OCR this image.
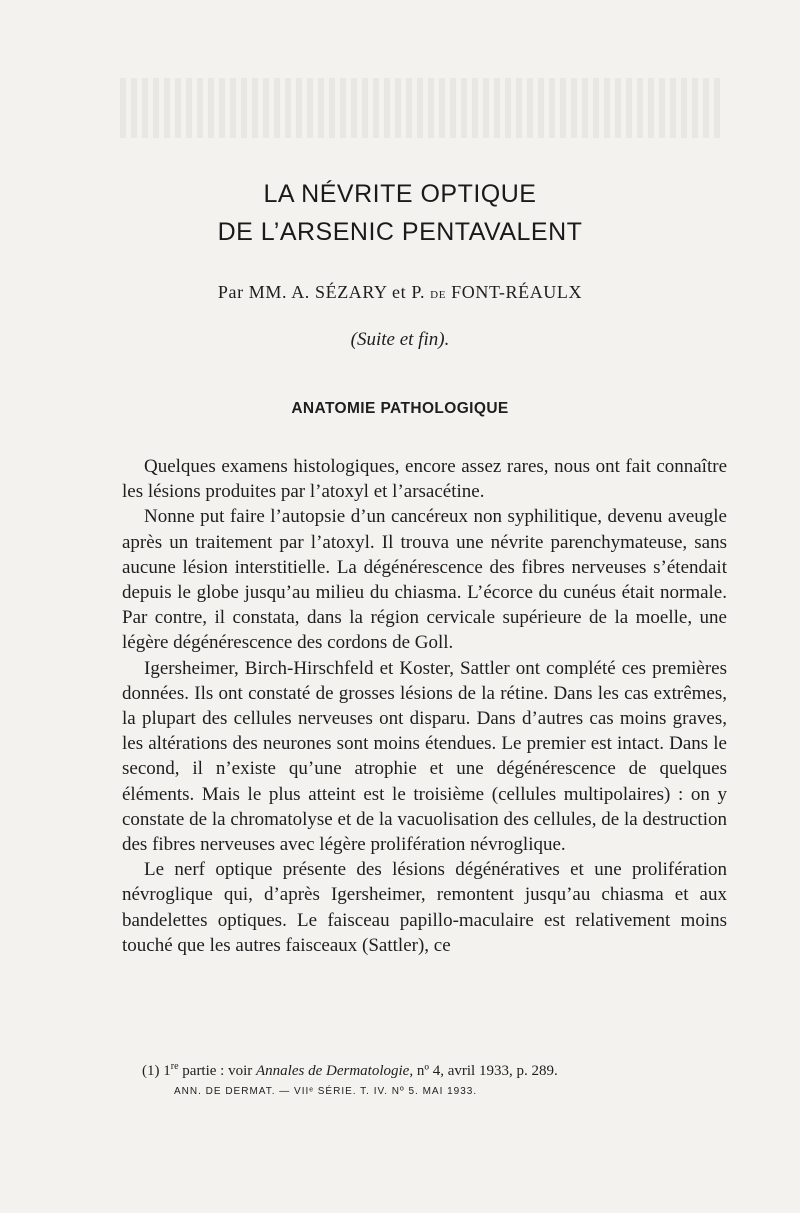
LA NÉVRITE OPTIQUE
DE L’ARSENIC PENTAVALENT
Par MM. A. SÉZARY et P. de FONT-RÉAULX
(Suite et fin).
ANATOMIE PATHOLOGIQUE

Quelques examens histologiques, encore assez rares, nous ont fait connaître les lésions produites par l’atoxyl et l’arsacétine.

Nonne put faire l’autopsie d’un cancéreux non syphilitique, devenu aveugle après un traitement par l’atoxyl. Il trouva une névrite parenchymateuse, sans aucune lésion interstitielle. La dégénérescence des fibres nerveuses s’étendait depuis le globe jusqu’au milieu du chiasma. L’écorce du cunéus était normale. Par contre, il constata, dans la région cervicale supérieure de la moelle, une légère dégénérescence des cordons de Goll.

Igersheimer, Birch-Hirschfeld et Koster, Sattler ont complété ces premières données. Ils ont constaté de grosses lésions de la rétine. Dans les cas extrêmes, la plupart des cellules nerveuses ont disparu. Dans d’autres cas moins graves, les altérations des neurones sont moins étendues. Le premier est intact. Dans le second, il n’existe qu’une atrophie et une dégénérescence de quelques éléments. Mais le plus atteint est le troisième (cellules multipolaires) : on y constate de la chromatolyse et de la vacuolisation des cellules, de la destruction des fibres nerveuses avec légère prolifération névroglique.

Le nerf optique présente des lésions dégénératives et une prolifération névroglique qui, d’après Igersheimer, remontent jusqu’au chiasma et aux bandelettes optiques. Le faisceau papillo-maculaire est relativement moins touché que les autres faisceaux (Sattler), ce

(1) 1re partie : voir Annales de Dermatologie, nº 4, avril 1933, p. 289.
ANN. DE DERMAT. — VIIᵉ SÉRIE. T. IV. Nº 5. MAI 1933.
